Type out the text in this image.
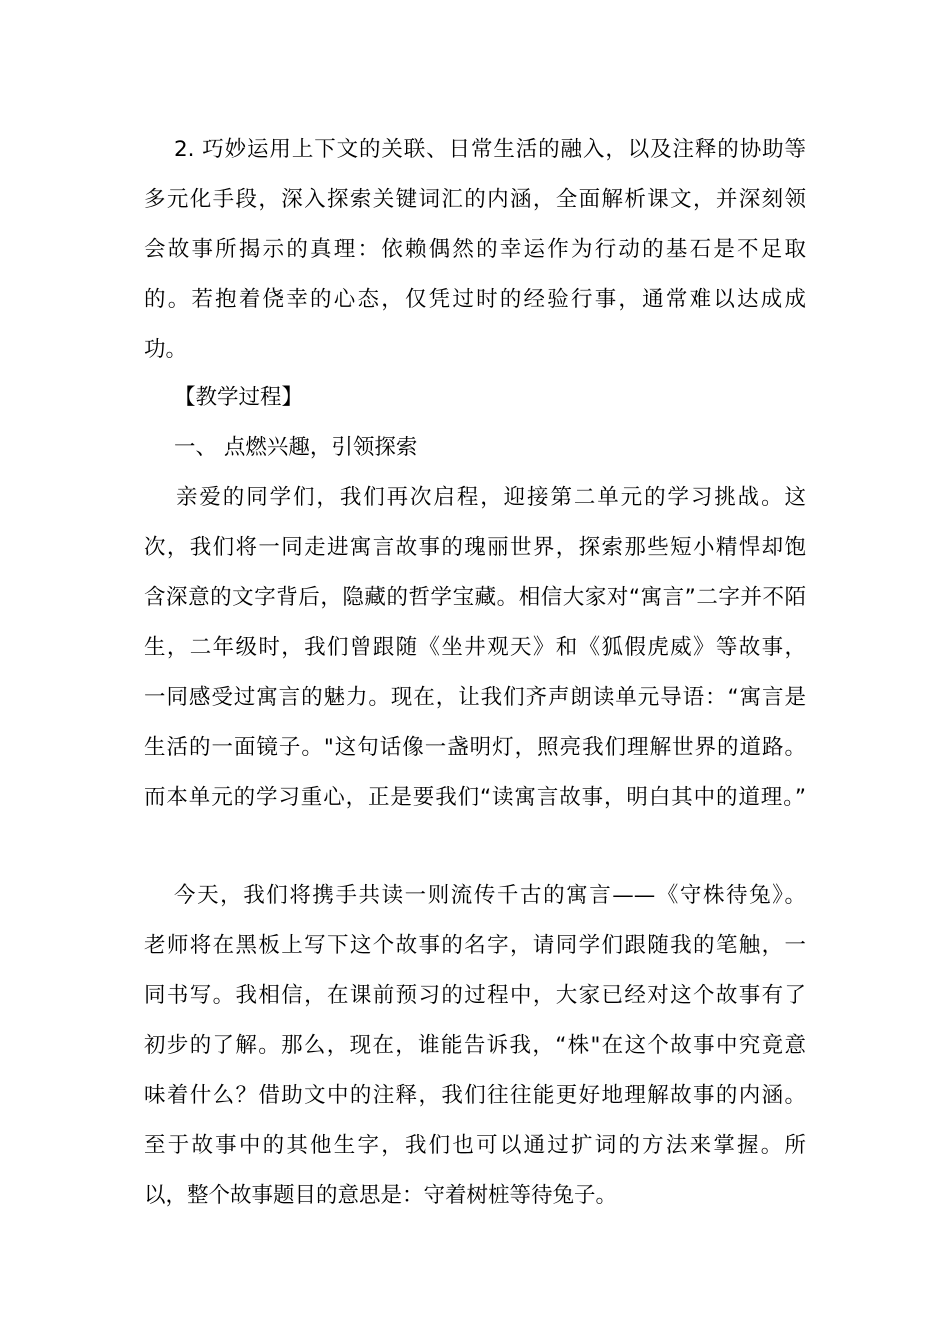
2. 巧妙运用上下文的关联、日常生活的融入，以及注释的协助等
多元化手段，深入探索关键词汇的内涵，全面解析课文，并深刻领
会故事所揭示的真理：依赖偶然的幸运作为行动的基石是不足取
的。若抱着侥幸的心态，仅凭过时的经验行事，通常难以达成成
功。
【教学过程】
一、 点燃兴趣，引领探索
亲爱的同学们，我们再次启程，迎接第二单元的学习挑战。这
次，我们将一同走进寓言故事的瑰丽世界，探索那些短小精悍却饱
含深意的文字背后，隐藏的哲学宝藏。相信大家对“寓言”二字并不陌
生，二年级时，我们曾跟随《坐井观天》和《狐假虎威》等故事，
一同感受过寓言的魅力。现在，让我们齐声朗读单元导语：“寓言是
生活的一面镜子。"这句话像一盏明灯，照亮我们理解世界的道路。
而本单元的学习重心，正是要我们“读寓言故事，明白其中的道理。”
今天，我们将携手共读一则流传千古的寓言——《守株待兔》。
老师将在黑板上写下这个故事的名字，请同学们跟随我的笔触，一
同书写。我相信，在课前预习的过程中，大家已经对这个故事有了
初步的了解。那么，现在，谁能告诉我，“株"在这个故事中究竟意
味着什么？借助文中的注释，我们往往能更好地理解故事的内涵。
至于故事中的其他生字，我们也可以通过扩词的方法来掌握。所
以，整个故事题目的意思是：守着树桩等待兔子。
